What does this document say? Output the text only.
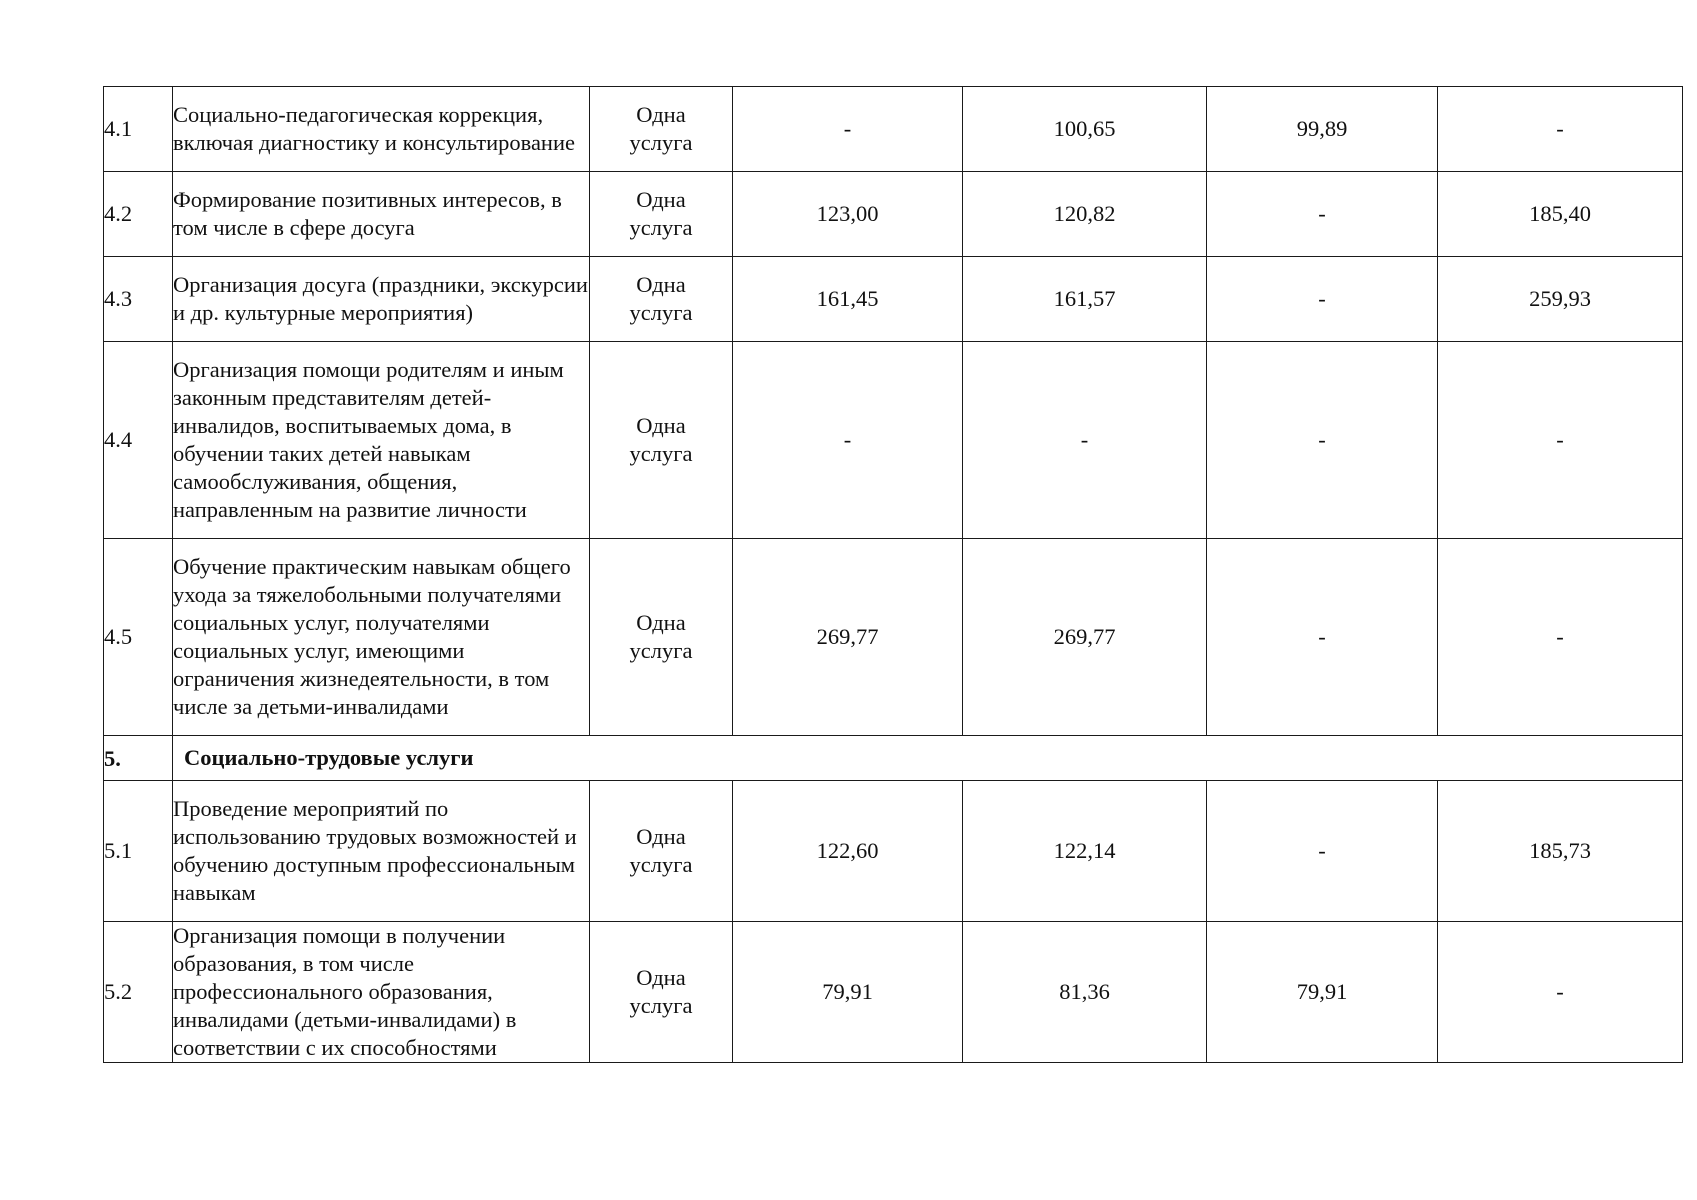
4.1	Социально-педагогическая коррекция, включая диагностику и консультирование	Одна
услуга	-	100,65	99,89	-
4.2	Формирование позитивных интересов, в том числе в сфере досуга	Одна
услуга	123,00	120,82	-	185,40
4.3	Организация досуга (праздники, экскурсии и др. культурные мероприятия)	Одна
услуга	161,45	161,57	-	259,93
4.4	Организация помощи родителям и иным законным представителям детей-инвалидов, воспитываемых дома, в обучении таких детей навыкам самообслуживания, общения, направленным на развитие личности	Одна
услуга	-	-	-	-
4.5	Обучение практическим навыкам общего ухода за тяжелобольными получателями социальных услуг, получателями социальных услуг, имеющими ограничения жизнедеятельности, в том числе за детьми-инвалидами	Одна
услуга	269,77	269,77	-	-
5.	Социально-трудовые услуги					
5.1	Проведение мероприятий по использованию трудовых возможностей и обучению доступным профессиональным навыкам	Одна
услуга	122,60	122,14	-	185,73
5.2	Организация помощи в получении образования, в том числе профессионального образования, инвалидами (детьми-инвалидами) в соответствии с их способностями	Одна
услуга	79,91	81,36	79,91	-
